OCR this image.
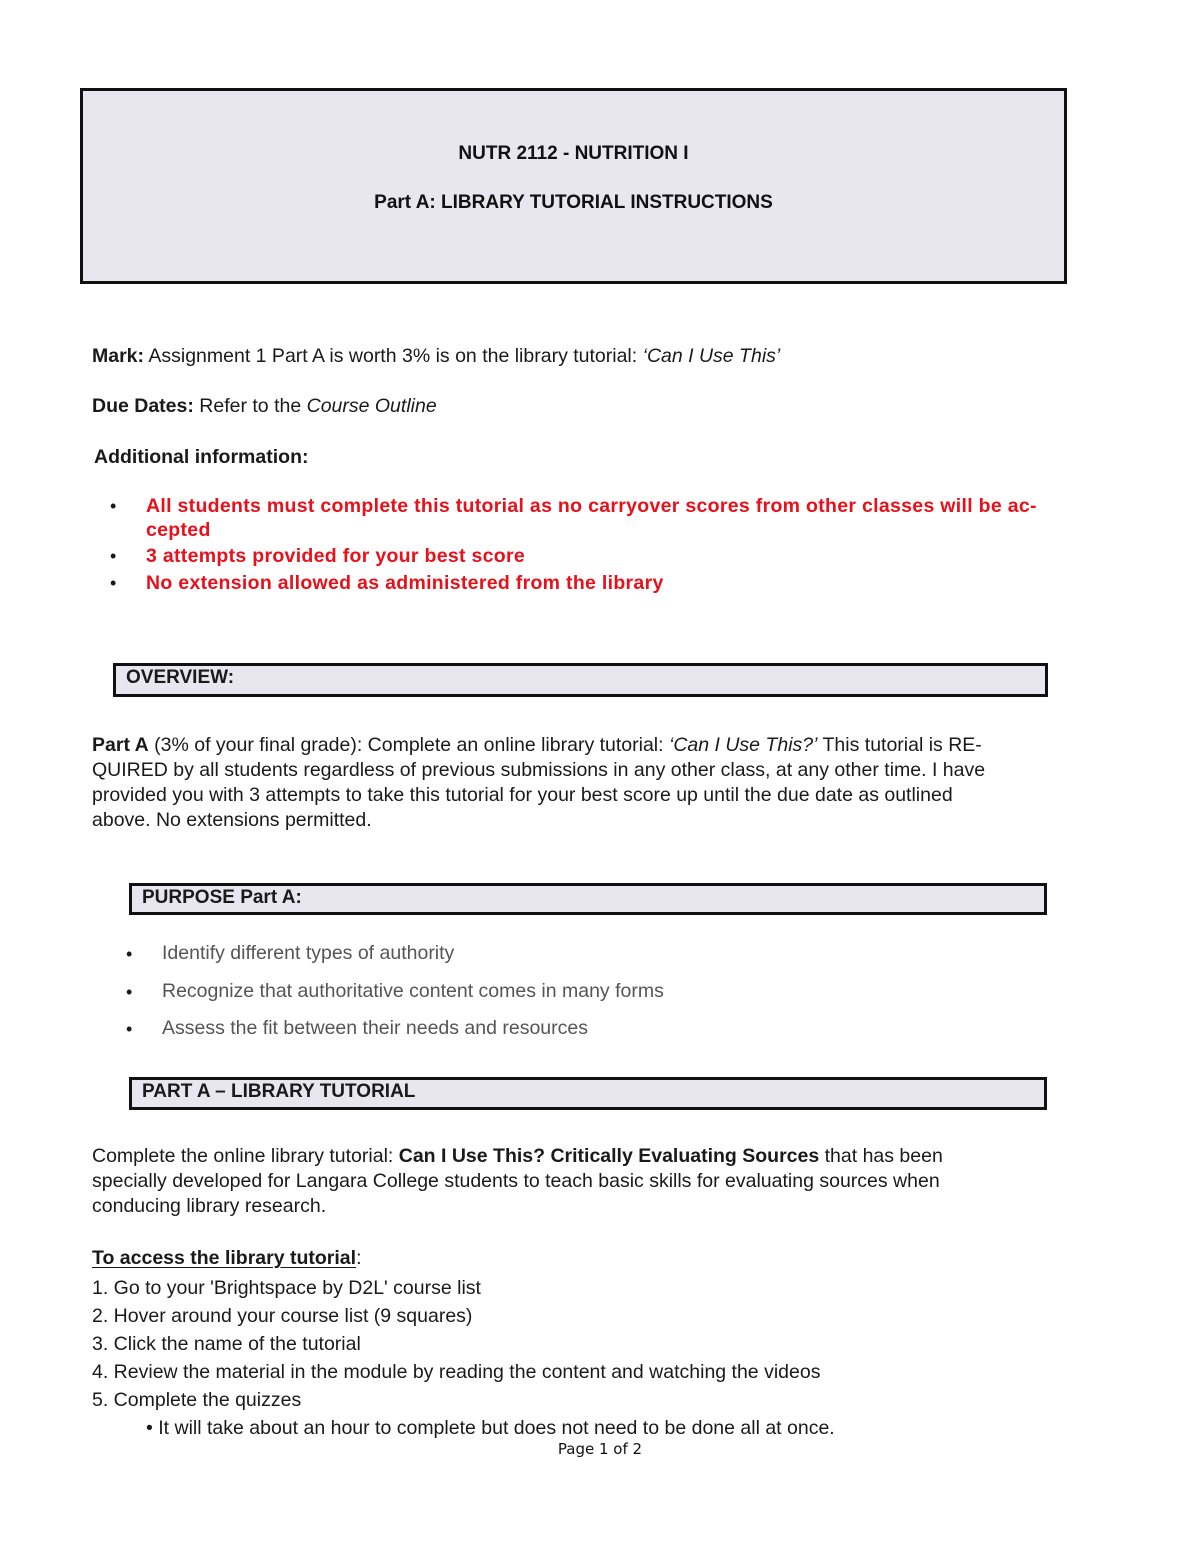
NUTR 2112 - NUTRITION I
Part A: LIBRARY TUTORIAL INSTRUCTIONS
Mark: Assignment 1 Part A is worth 3% is on the library tutorial: ‘Can I Use This’
Due Dates: Refer to the Course Outline
Additional information:
• All students must complete this tutorial as no carryover scores from other classes will be ac-
cepted
• 3 attempts provided for your best score
• No extension allowed as administered from the library
OVERVIEW:
Part A (3% of your final grade): Complete an online library tutorial: ‘Can I Use This?’ This tutorial is RE-
QUIRED by all students regardless of previous submissions in any other class, at any other time. I have
provided you with 3 attempts to take this tutorial for your best score up until the due date as outlined
above. No extensions permitted.
PURPOSE Part A:
• Identify different types of authority
• Recognize that authoritative content comes in many forms
• Assess the fit between their needs and resources
PART A – LIBRARY TUTORIAL
Complete the online library tutorial: Can I Use This? Critically Evaluating Sources that has been
specially developed for Langara College students to teach basic skills for evaluating sources when
conducing library research.
To access the library tutorial:
1. Go to your 'Brightspace by D2L' course list
2. Hover around your course list (9 squares)
3. Click the name of the tutorial
4. Review the material in the module by reading the content and watching the videos
5. Complete the quizzes
• It will take about an hour to complete but does not need to be done all at once.
Page 1 of 2
